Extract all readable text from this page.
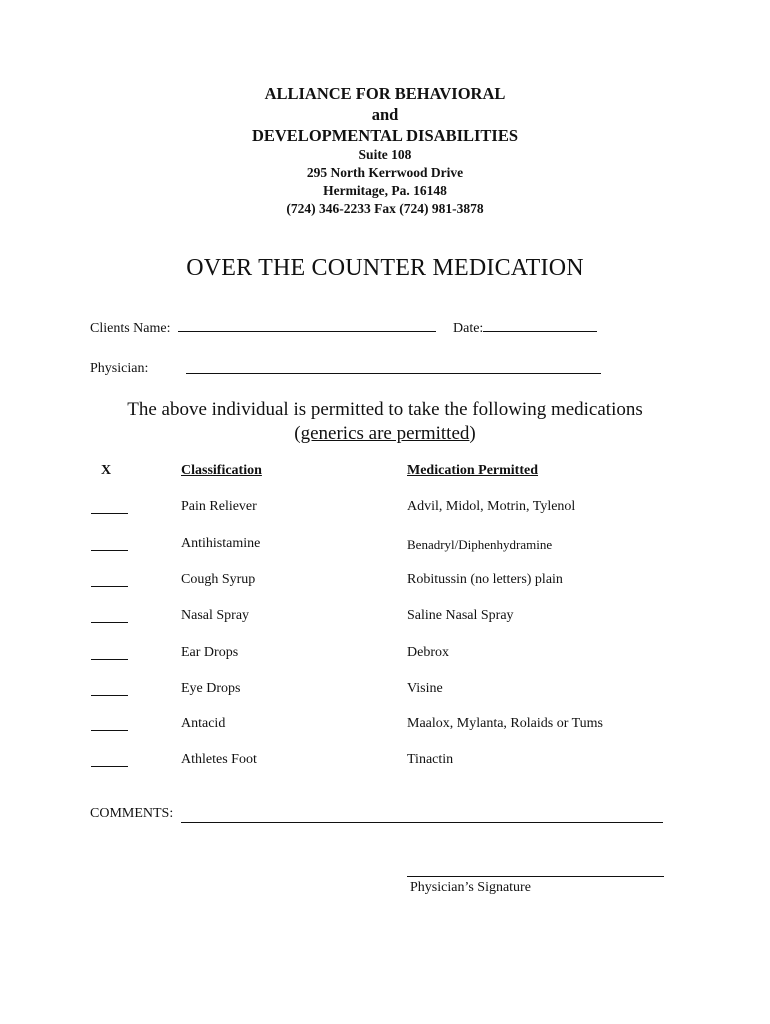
ALLIANCE FOR BEHAVIORAL
and
DEVELOPMENTAL DISABILITIES
Suite 108
295 North Kerrwood Drive
Hermitage, Pa. 16148
(724) 346-2233 Fax (724) 981-3878
OVER THE COUNTER MEDICATION
Clients Name:	Date:
Physician:
The above individual is permitted to take the following medications
(generics are permitted)
X	Classification	Medication Permitted
Pain Reliever	Advil, Midol, Motrin, Tylenol
Antihistamine	Benadryl/Diphenhydramine
Cough Syrup	Robitussin (no letters) plain
Nasal Spray	Saline Nasal Spray
Ear Drops	Debrox
Eye Drops	Visine
Antacid	Maalox, Mylanta, Rolaids or Tums
Athletes Foot	Tinactin
COMMENTS:
Physician’s Signature
